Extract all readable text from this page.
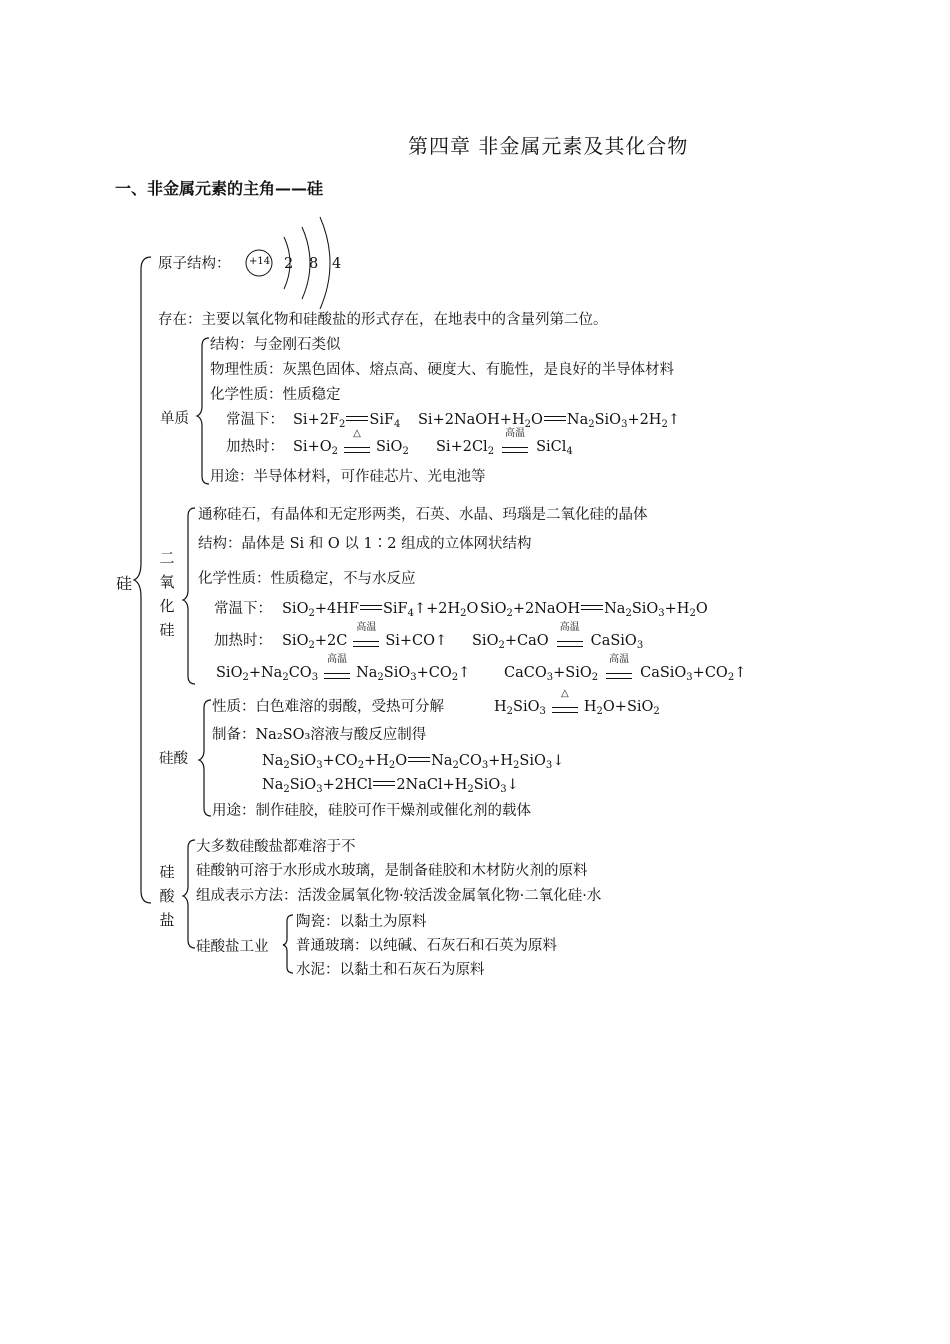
第四章 非金属元素及其化合物
一、非金属元素的主角——硅
硅
原子结构： +14 2 8 4
存在：主要以氧化物和硅酸盐的形式存在，在地表中的含量列第二位。
单质
结构：与金刚石类似
物理性质：灰黑色固体、熔点高、硬度大、有脆性，是良好的半导体材料
化学性质：性质稳定
常温下： $Si+2F_2$ SiF$_4$ $Si+2NaOH+H_2O$ $Na_2SiO_3+2H_2↑$
加热时： $Si+O_2$
△
SiO$_2$ $Si+2Cl_2$
高温
SiCl$_4$
用途：半导体材料，可作硅芯片、光电池等
二
氧
化
硅
通称硅石，有晶体和无定形两类，石英、水晶、玛瑙是二氧化硅的晶体
结构：晶体是 Si 和 O 以 1∶2 组成的立体网状结构
化学性质：性质稳定，不与水反应
常温下： SiO$_2$+4HF $SiF_4↑+2H_2O$ SiO$_2$+2NaOH $Na_2SiO_3+H_2O$
加热时： SiO$_2$+2C
高温
Si+CO↑ SiO$_2$+CaO
高温
CaSiO$_3$
$SiO_2+Na_2CO_3$
高温
$Na_2SiO_3+CO_2↑$ CaCO$_3$+SiO$_2$
高温
$CaSiO_3+CO_2↑$
硅酸
性质：白色难溶的弱酸，受热可分解	$H_2SiO_3$
△
$H_2O+SiO_2$
制备：Na₂SO₃溶液与酸反应制得
$Na_2SiO_3+CO_2+H_2O$ $Na_2CO_3+H_2SiO_3↓$
$Na_2SiO_3+2HCl$ $2NaCl+H_2SiO_3↓$
用途：制作硅胶，硅胶可作干燥剂或催化剂的载体
硅
酸
盐
大多数硅酸盐都难溶于不
硅酸钠可溶于水形成水玻璃，是制备硅胶和木材防火剂的原料
组成表示方法：活泼金属氧化物·较活泼金属氧化物·二氧化硅·水
硅酸盐工业
陶瓷：以黏土为原料
普通玻璃：以纯碱、石灰石和石英为原料
水泥：以黏土和石灰石为原料
